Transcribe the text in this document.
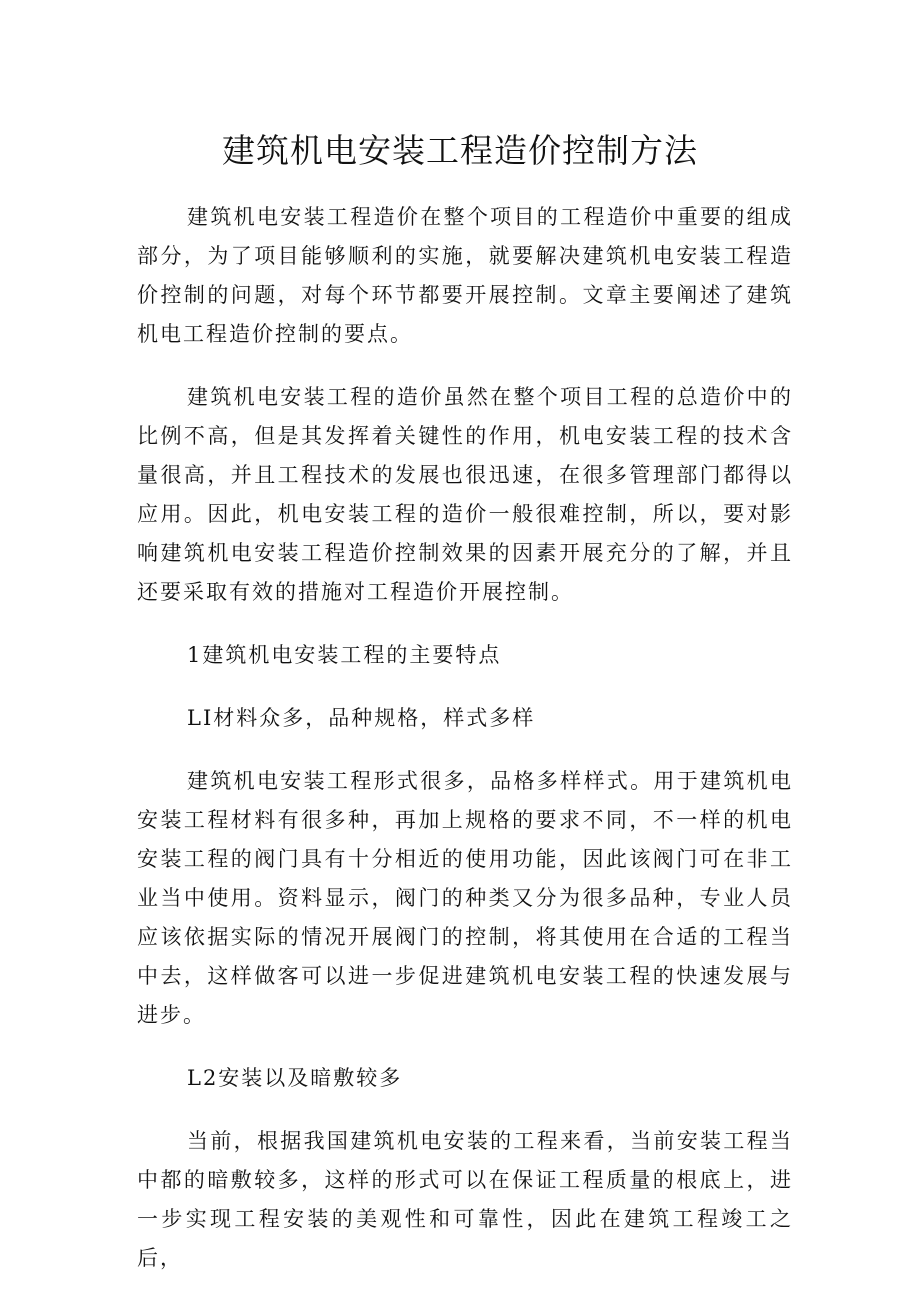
建筑机电安装工程造价控制方法

建筑机电安装工程造价在整个项目的工程造价中重要的组成部分，为了项目能够顺利的实施，就要解决建筑机电安装工程造价控制的问题，对每个环节都要开展控制。文章主要阐述了建筑机电工程造价控制的要点。

建筑机电安装工程的造价虽然在整个项目工程的总造价中的比例不高，但是其发挥着关键性的作用，机电安装工程的技术含量很高，并且工程技术的发展也很迅速，在很多管理部门都得以应用。因此，机电安装工程的造价一般很难控制，所以，要对影响建筑机电安装工程造价控制效果的因素开展充分的了解，并且还要采取有效的措施对工程造价开展控制。

1建筑机电安装工程的主要特点

LI材料众多，品种规格，样式多样

建筑机电安装工程形式很多，品格多样样式。用于建筑机电安装工程材料有很多种，再加上规格的要求不同，不一样的机电安装工程的阀门具有十分相近的使用功能，因此该阀门可在非工业当中使用。资料显示，阀门的种类又分为很多品种，专业人员应该依据实际的情况开展阀门的控制，将其使用在合适的工程当中去，这样做客可以进一步促进建筑机电安装工程的快速发展与进步。

L2安装以及暗敷较多

当前，根据我国建筑机电安装的工程来看，当前安装工程当中都的暗敷较多，这样的形式可以在保证工程质量的根底上，进一步实现工程安装的美观性和可靠性，因此在建筑工程竣工之后，
